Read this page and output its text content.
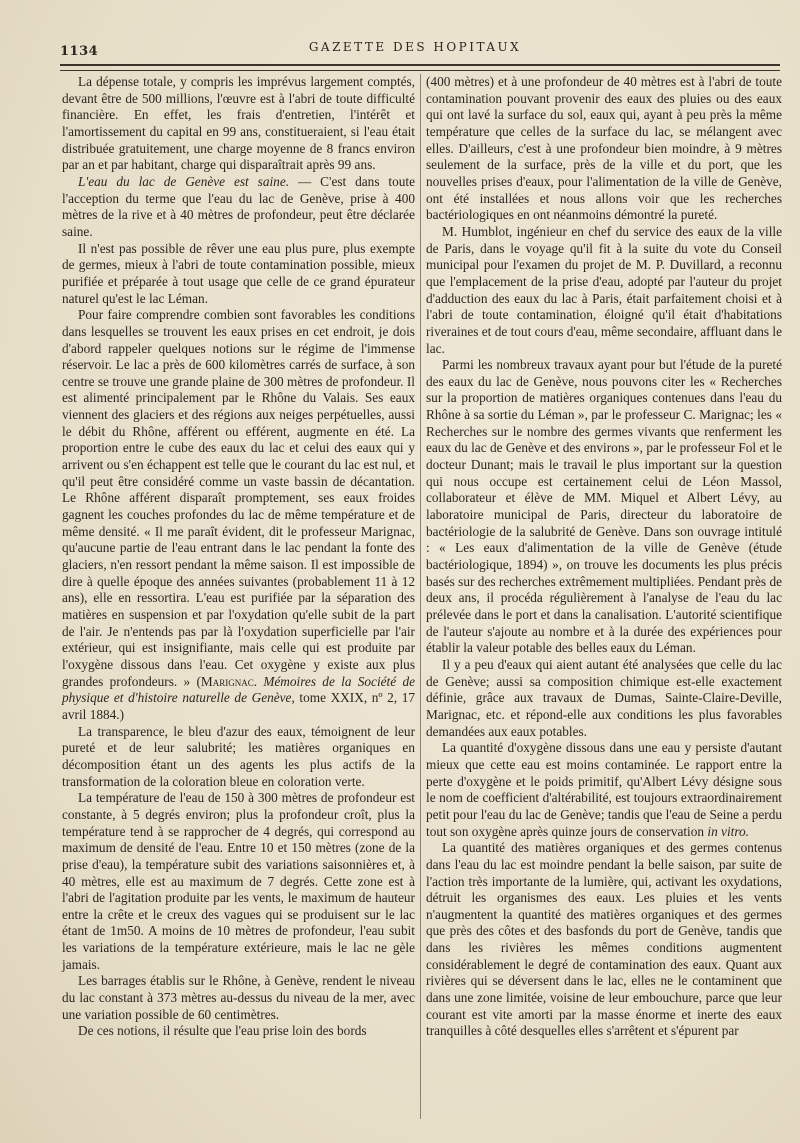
1134	GAZETTE DES HOPITAUX

La dépense totale, y compris les imprévus largement comptés, devant être de 500 millions, l'œuvre est à l'abri de toute difficulté financière. En effet, les frais d'entretien, l'intérêt et l'amortissement du capital en 99 ans, constitueraient, si l'eau était distribuée gratuitement, une charge moyenne de 8 francs environ par an et par habitant, charge qui disparaîtrait après 99 ans.

L'eau du lac de Genève est saine. — C'est dans toute l'acception du terme que l'eau du lac de Genève, prise à 400 mètres de la rive et à 40 mètres de profondeur, peut être déclarée saine.

Il n'est pas possible de rêver une eau plus pure, plus exempte de germes, mieux à l'abri de toute contamination possible, mieux purifiée et préparée à tout usage que celle de ce grand épurateur naturel qu'est le lac Léman.

Pour faire comprendre combien sont favorables les conditions dans lesquelles se trouvent les eaux prises en cet endroit, je dois d'abord rappeler quelques notions sur le régime de l'immense réservoir. Le lac a près de 600 kilomètres carrés de surface, à son centre se trouve une grande plaine de 300 mètres de profondeur. Il est alimenté principalement par le Rhône du Valais. Ses eaux viennent des glaciers et des régions aux neiges perpétuelles, aussi le débit du Rhône, afférent ou efférent, augmente en été. La proportion entre le cube des eaux du lac et celui des eaux qui y arrivent ou s'en échappent est telle que le courant du lac est nul, et qu'il peut être considéré comme un vaste bassin de décantation. Le Rhône afférent disparaît promptement, ses eaux froides gagnent les couches profondes du lac de même température et de même densité. « Il me paraît évident, dit le professeur Marignac, qu'aucune partie de l'eau entrant dans le lac pendant la fonte des glaciers, n'en ressort pendant la même saison. Il est impossible de dire à quelle époque des années suivantes (probablement 11 à 12 ans), elle en ressortira. L'eau est purifiée par la séparation des matières en suspension et par l'oxydation qu'elle subit de la part de l'air. Je n'entends pas par là l'oxydation superficielle par l'air extérieur, qui est insignifiante, mais celle qui est produite par l'oxygène dissous dans l'eau. Cet oxygène y existe aux plus grandes profondeurs. » (Marignac. Mémoires de la Société de physique et d'histoire naturelle de Genève, tome XXIX, nº 2, 17 avril 1884.)

La transparence, le bleu d'azur des eaux, témoignent de leur pureté et de leur salubrité; les matières organiques en décomposition étant un des agents les plus actifs de la transformation de la coloration bleue en coloration verte.

La température de l'eau de 150 à 300 mètres de profondeur est constante, à 5 degrés environ; plus la profondeur croît, plus la température tend à se rapprocher de 4 degrés, qui correspond au maximum de densité de l'eau. Entre 10 et 150 mètres (zone de la prise d'eau), la température subit des variations saisonnières et, à 40 mètres, elle est au maximum de 7 degrés. Cette zone est à l'abri de l'agitation produite par les vents, le maximum de hauteur entre la crête et le creux des vagues qui se produisent sur le lac étant de 1m50. A moins de 10 mètres de profondeur, l'eau subit les variations de la température extérieure, mais le lac ne gèle jamais.

Les barrages établis sur le Rhône, à Genève, rendent le niveau du lac constant à 373 mètres au-dessus du niveau de la mer, avec une variation possible de 60 centimètres.

De ces notions, il résulte que l'eau prise loin des bords

(400 mètres) et à une profondeur de 40 mètres est à l'abri de toute contamination pouvant provenir des eaux des pluies ou des eaux qui ont lavé la surface du sol, eaux qui, ayant à peu près la même température que celles de la surface du lac, se mélangent avec elles. D'ailleurs, c'est à une profondeur bien moindre, à 9 mètres seulement de la surface, près de la ville et du port, que les nouvelles prises d'eaux, pour l'alimentation de la ville de Genève, ont été installées et nous allons voir que les recherches bactériologiques en ont néanmoins démontré la pureté.

M. Humblot, ingénieur en chef du service des eaux de la ville de Paris, dans le voyage qu'il fit à la suite du vote du Conseil municipal pour l'examen du projet de M. P. Duvillard, a reconnu que l'emplacement de la prise d'eau, adopté par l'auteur du projet d'adduction des eaux du lac à Paris, était parfaitement choisi et à l'abri de toute contamination, éloigné qu'il était d'habitations riveraines et de tout cours d'eau, même secondaire, affluant dans le lac.

Parmi les nombreux travaux ayant pour but l'étude de la pureté des eaux du lac de Genève, nous pouvons citer les « Recherches sur la proportion de matières organiques contenues dans l'eau du Rhône à sa sortie du Léman », par le professeur C. Marignac; les « Recherches sur le nombre des germes vivants que renferment les eaux du lac de Genève et des environs », par le professeur Fol et le docteur Dunant; mais le travail le plus important sur la question qui nous occupe est certainement celui de Léon Massol, collaborateur et élève de MM. Miquel et Albert Lévy, au laboratoire municipal de Paris, directeur du laboratoire de bactériologie de la salubrité de Genève. Dans son ouvrage intitulé : « Les eaux d'alimentation de la ville de Genève (étude bactériologique, 1894) », on trouve les documents les plus précis basés sur des recherches extrêmement multipliées. Pendant près de deux ans, il procéda régulièrement à l'analyse de l'eau du lac prélevée dans le port et dans la canalisation. L'autorité scientifique de l'auteur s'ajoute au nombre et à la durée des expériences pour établir la valeur potable des belles eaux du Léman.

Il y a peu d'eaux qui aient autant été analysées que celle du lac de Genève; aussi sa composition chimique est-elle exactement définie, grâce aux travaux de Dumas, Sainte-Claire-Deville, Marignac, etc. et répond-elle aux conditions les plus favorables demandées aux eaux potables.

La quantité d'oxygène dissous dans une eau y persiste d'autant mieux que cette eau est moins contaminée. Le rapport entre la perte d'oxygène et le poids primitif, qu'Albert Lévy désigne sous le nom de coefficient d'altérabilité, est toujours extraordinairement petit pour l'eau du lac de Genève; tandis que l'eau de Seine a perdu tout son oxygène après quinze jours de conservation in vitro.

La quantité des matières organiques et des germes contenus dans l'eau du lac est moindre pendant la belle saison, par suite de l'action très importante de la lumière, qui, activant les oxydations, détruit les organismes des eaux. Les pluies et les vents n'augmentent la quantité des matières organiques et des germes que près des côtes et des basfonds du port de Genève, tandis que dans les rivières les mêmes conditions augmentent considérablement le degré de contamination des eaux. Quant aux rivières qui se déversent dans le lac, elles ne le contaminent que dans une zone limitée, voisine de leur embouchure, parce que leur courant est vite amorti par la masse énorme et inerte des eaux tranquilles à côté desquelles elles s'arrêtent et s'épurent par
